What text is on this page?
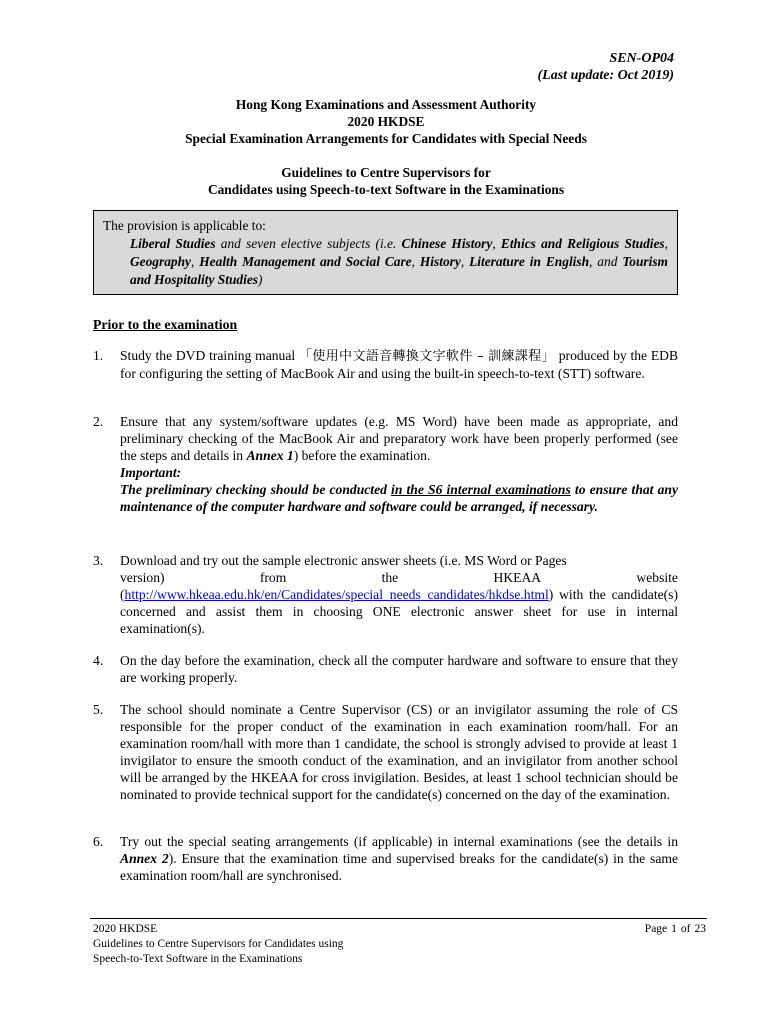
SEN-OP04
(Last update: Oct 2019)
Hong Kong Examinations and Assessment Authority
2020 HKDSE
Special Examination Arrangements for Candidates with Special Needs
Guidelines to Centre Supervisors for
Candidates using Speech-to-text Software in the Examinations
The provision is applicable to:
Liberal Studies and seven elective subjects (i.e. Chinese History, Ethics and Religious Studies, Geography, Health Management and Social Care, History, Literature in English, and Tourism and Hospitality Studies)
Prior to the examination
1.	Study the DVD training manual 「使用中文語音轉換文字軟件 – 訓練課程」 produced by the EDB for configuring the setting of MacBook Air and using the built-in speech-to-text (STT) software.
2.	Ensure that any system/software updates (e.g. MS Word) have been made as appropriate, and preliminary checking of the MacBook Air and preparatory work have been properly performed (see the steps and details in Annex 1) before the examination.

Important:
The preliminary checking should be conducted in the S6 internal examinations to ensure that any maintenance of the computer hardware and software could be arranged, if necessary.

3.	Download and try out the sample electronic answer sheets (i.e. MS Word or Pages
version)	from	the	HKEAA	website
(http://www.hkeaa.edu.hk/en/Candidates/special_needs_candidates/hkdse.html) with the candidate(s) concerned and assist them in choosing ONE electronic answer sheet for use in internal examination(s).
4.	On the day before the examination, check all the computer hardware and software to ensure that they are working properly.
5.	The school should nominate a Centre Supervisor (CS) or an invigilator assuming the role of CS responsible for the proper conduct of the examination in each examination room/hall. For an examination room/hall with more than 1 candidate, the school is strongly advised to provide at least 1 invigilator to ensure the smooth conduct of the examination, and an invigilator from another school will be arranged by the HKEAA for cross invigilation. Besides, at least 1 school technician should be nominated to provide technical support for the candidate(s) concerned on the day of the examination.
6.	Try out the special seating arrangements (if applicable) in internal examinations (see the details in Annex 2). Ensure that the examination time and supervised breaks for the candidate(s) in the same examination room/hall are synchronised.
2020 HKDSE
Guidelines to Centre Supervisors for Candidates using
Speech-to-Text Software in the Examinations
Page 1 of 23
